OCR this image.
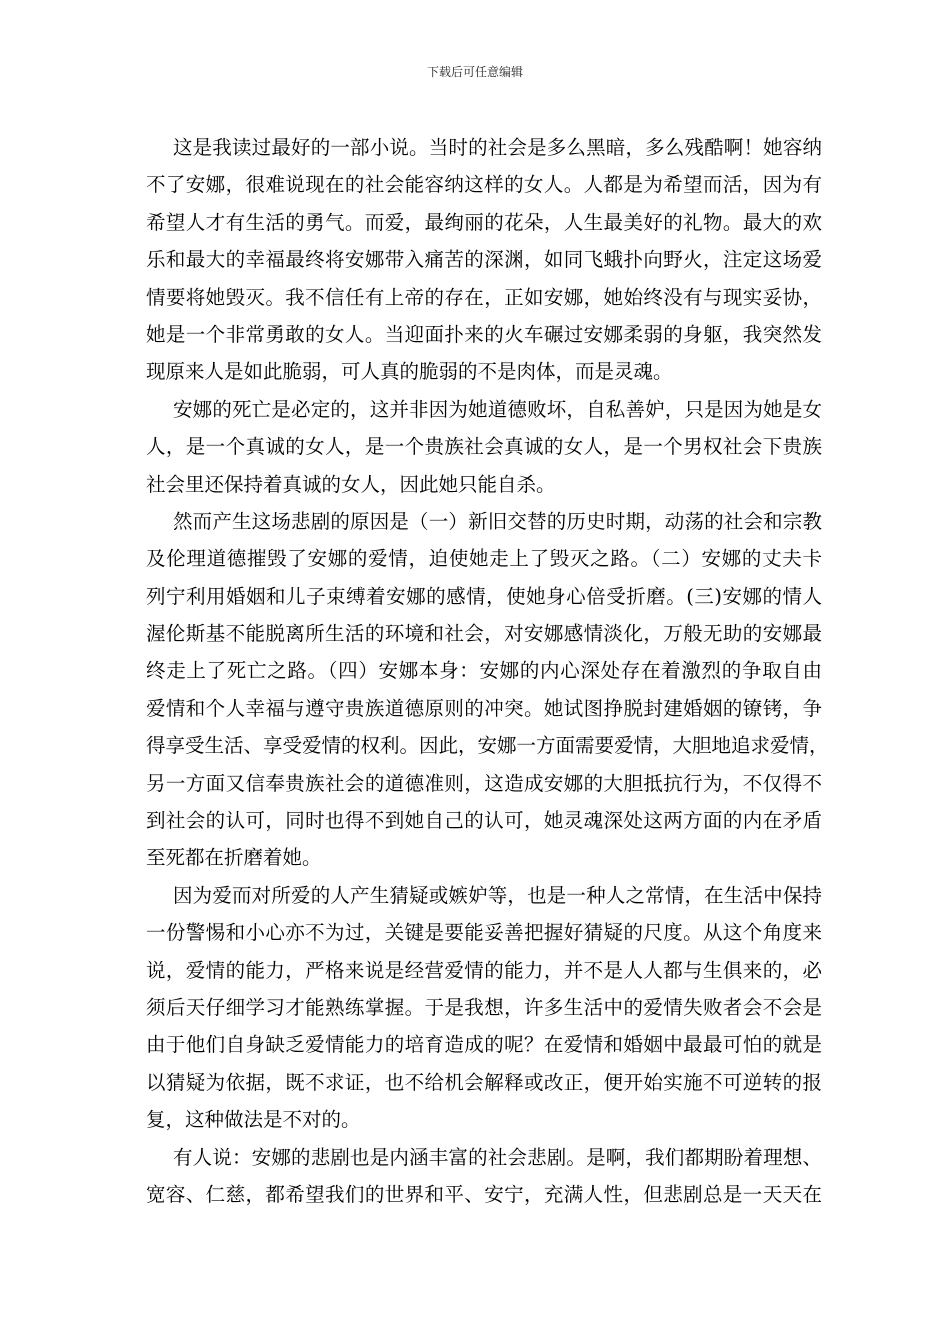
下载后可任意编辑
这是我读过最好的一部小说。当时的社会是多么黑暗，多么残酷啊！她容纳
不了安娜，很难说现在的社会能容纳这样的女人。人都是为希望而活，因为有
希望人才有生活的勇气。而爱，最绚丽的花朵，人生最美好的礼物。最大的欢
乐和最大的幸福最终将安娜带入痛苦的深渊，如同飞蛾扑向野火，注定这场爱
情要将她毁灭。我不信任有上帝的存在，正如安娜，她始终没有与现实妥协，
她是一个非常勇敢的女人。当迎面扑来的火车碾过安娜柔弱的身躯，我突然发
现原来人是如此脆弱，可人真的脆弱的不是肉体，而是灵魂。
安娜的死亡是必定的，这并非因为她道德败坏，自私善妒，只是因为她是女
人，是一个真诚的女人，是一个贵族社会真诚的女人，是一个男权社会下贵族
社会里还保持着真诚的女人，因此她只能自杀。
然而产生这场悲剧的原因是（一）新旧交替的历史时期，动荡的社会和宗教
及伦理道德摧毁了安娜的爱情，迫使她走上了毁灭之路。（二）安娜的丈夫卡
列宁利用婚姻和儿子束缚着安娜的感情，使她身心倍受折磨。(三)安娜的情人
渥伦斯基不能脱离所生活的环境和社会，对安娜感情淡化，万般无助的安娜最
终走上了死亡之路。（四）安娜本身：安娜的内心深处存在着激烈的争取自由
爱情和个人幸福与遵守贵族道德原则的冲突。她试图挣脱封建婚姻的镣铐，争
得享受生活、享受爱情的权利。因此，安娜一方面需要爱情，大胆地追求爱情，
另一方面又信奉贵族社会的道德准则，这造成安娜的大胆抵抗行为，不仅得不
到社会的认可，同时也得不到她自己的认可，她灵魂深处这两方面的内在矛盾
至死都在折磨着她。
因为爱而对所爱的人产生猜疑或嫉妒等，也是一种人之常情，在生活中保持
一份警惕和小心亦不为过，关键是要能妥善把握好猜疑的尺度。从这个角度来
说，爱情的能力，严格来说是经营爱情的能力，并不是人人都与生俱来的，必
须后天仔细学习才能熟练掌握。于是我想，许多生活中的爱情失败者会不会是
由于他们自身缺乏爱情能力的培育造成的呢？在爱情和婚姻中最最可怕的就是
以猜疑为依据，既不求证，也不给机会解释或改正，便开始实施不可逆转的报
复，这种做法是不对的。
有人说：安娜的悲剧也是内涵丰富的社会悲剧。是啊，我们都期盼着理想、
宽容、仁慈，都希望我们的世界和平、安宁，充满人性，但悲剧总是一天天在
